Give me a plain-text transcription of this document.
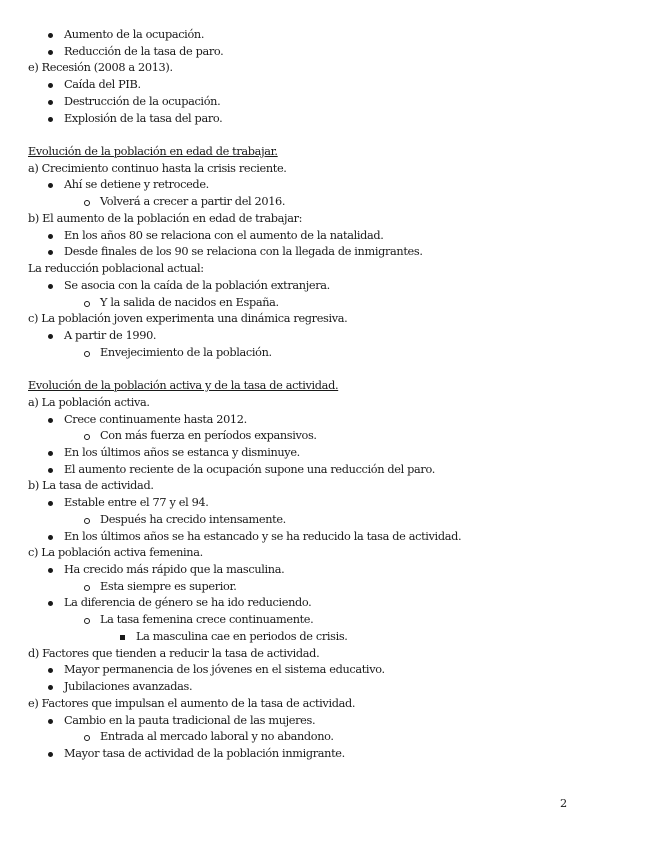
Aumento de la ocupación.
Reducción de la tasa de paro.
e) Recesión (2008 a 2013).
Caída del PIB.
Destrucción de la ocupación.
Explosión de la tasa del paro.
Evolución de la población en edad de trabajar.
a) Crecimiento continuo hasta la crisis reciente.
Ahí se detiene y retrocede.
Volverá a crecer a partir del 2016.
b) El aumento de la población en edad de trabajar:
En los años 80 se relaciona con el aumento de la natalidad.
Desde finales de los 90 se relaciona con la llegada de inmigrantes.
La reducción poblacional actual:
Se asocia con la caída de la población extranjera.
Y la salida de nacidos en España.
c) La población joven experimenta una dinámica regresiva.
A partir de 1990.
Envejecimiento de la población.
Evolución de la población activa y de la tasa de actividad.
a) La población activa.
Crece continuamente hasta 2012.
Con más fuerza en períodos expansivos.
En los últimos años se estanca y disminuye.
El aumento reciente de la ocupación supone una reducción del paro.
b) La tasa de actividad.
Estable entre el 77 y el 94.
Después ha crecido intensamente.
En los últimos años se ha estancado y se ha reducido la tasa de actividad.
c) La población activa femenina.
Ha crecido más rápido que la masculina.
Esta siempre es superior.
La diferencia de género se ha ido reduciendo.
La tasa femenina crece continuamente.
La masculina cae en periodos de crisis.
d) Factores que tienden a reducir la tasa de actividad.
Mayor permanencia de los jóvenes en el sistema educativo.
Jubilaciones avanzadas.
e) Factores que impulsan el aumento de la tasa de actividad.
Cambio en la pauta tradicional de las mujeres.
Entrada al mercado laboral y no abandono.
Mayor tasa de actividad de la población inmigrante.
2
